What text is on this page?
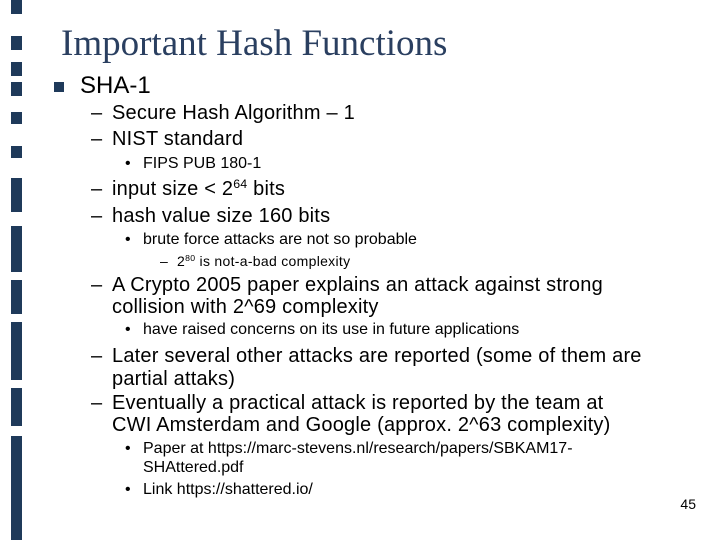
Important Hash Functions
SHA-1
– Secure Hash Algorithm – 1
– NIST standard
• FIPS PUB 180-1
– input size < $2^{64}$ bits
– hash value size 160 bits
• brute force attacks are not so probable
– $2^{80}$ is not-a-bad complexity
– A Crypto 2005 paper explains an attack against strong
collision with 2^69 complexity
• have raised concerns on its use in future applications
– Later several other attacks are reported (some of them are
partial attaks)
– Eventually a practical attack is reported by the team at
CWI Amsterdam and Google (approx. 2^63 complexity)
• Paper at https://marc-stevens.nl/research/papers/SBKAM17-
SHAttered.pdf
• Link https://shattered.io/
45
